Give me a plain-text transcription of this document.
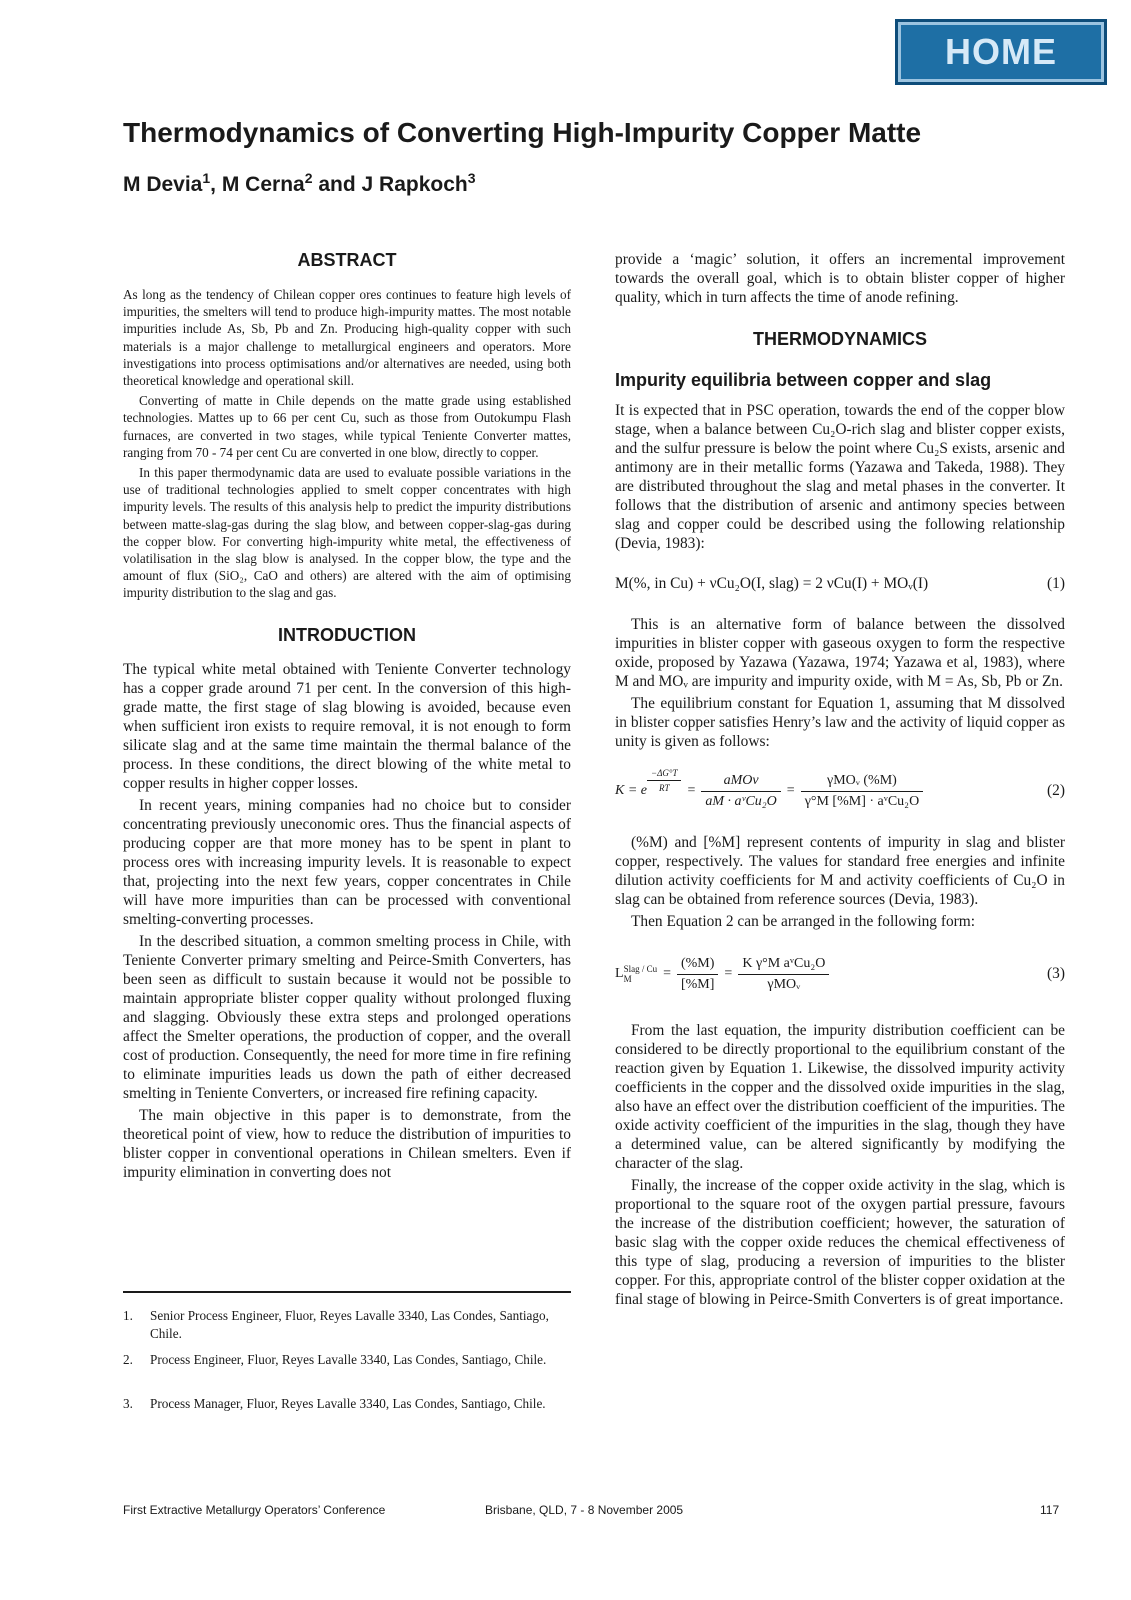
HOME
Thermodynamics of Converting High-Impurity Copper Matte
M Devia$^1$, M Cerna$^2$ and J Rapkoch$^3$
ABSTRACT

As long as the tendency of Chilean copper ores continues to feature high levels of impurities, the smelters will tend to produce high-impurity mattes. The most notable impurities include As, Sb, Pb and Zn. Producing high-quality copper with such materials is a major challenge to metallurgical engineers and operators. More investigations into process optimisations and/or alternatives are needed, using both theoretical knowledge and operational skill.

Converting of matte in Chile depends on the matte grade using established technologies. Mattes up to 66 per cent Cu, such as those from Outokumpu Flash furnaces, are converted in two stages, while typical Teniente Converter mattes, ranging from 70 - 74 per cent Cu are converted in one blow, directly to copper.

In this paper thermodynamic data are used to evaluate possible variations in the use of traditional technologies applied to smelt copper concentrates with high impurity levels. The results of this analysis help to predict the impurity distributions between matte-slag-gas during the slag blow, and between copper-slag-gas during the copper blow. For converting high-impurity white metal, the effectiveness of volatilisation in the slag blow is analysed. In the copper blow, the type and the amount of flux (SiO₂, CaO and others) are altered with the aim of optimising impurity distribution to the slag and gas.

INTRODUCTION

The typical white metal obtained with Teniente Converter technology has a copper grade around 71 per cent. In the conversion of this high-grade matte, the first stage of slag blowing is avoided, because even when sufficient iron exists to require removal, it is not enough to form silicate slag and at the same time maintain the thermal balance of the process. In these conditions, the direct blowing of the white metal to copper results in higher copper losses.

In recent years, mining companies had no choice but to consider concentrating previously uneconomic ores. Thus the financial aspects of producing copper are that more money has to be spent in plant to process ores with increasing impurity levels. It is reasonable to expect that, projecting into the next few years, copper concentrates in Chile will have more impurities than can be processed with conventional smelting-converting processes.

In the described situation, a common smelting process in Chile, with Teniente Converter primary smelting and Peirce-Smith Converters, has been seen as difficult to sustain because it would not be possible to maintain appropriate blister copper quality without prolonged fluxing and slagging. Obviously these extra steps and prolonged operations affect the Smelter operations, the production of copper, and the overall cost of production. Consequently, the need for more time in fire refining to eliminate impurities leads us down the path of either decreased smelting in Teniente Converters, or increased fire refining capacity.

The main objective in this paper is to demonstrate, from the theoretical point of view, how to reduce the distribution of impurities to blister copper in conventional operations in Chilean smelters. Even if impurity elimination in converting does not

1. Senior Process Engineer, Fluor, Reyes Lavalle 3340, Las Condes, Santiago, Chile.
2. Process Engineer, Fluor, Reyes Lavalle 3340, Las Condes, Santiago, Chile.
3. Process Manager, Fluor, Reyes Lavalle 3340, Las Condes, Santiago, Chile.

provide a ‘magic’ solution, it offers an incremental improvement towards the overall goal, which is to obtain blister copper of higher quality, which in turn affects the time of anode refining.

THERMODYNAMICS
Impurity equilibria between copper and slag

It is expected that in PSC operation, towards the end of the copper blow stage, when a balance between Cu₂O-rich slag and blister copper exists, and the sulfur pressure is below the point where Cu₂S exists, arsenic and antimony are in their metallic forms (Yazawa and Takeda, 1988). They are distributed throughout the slag and metal phases in the converter. It follows that the distribution of arsenic and antimony species between slag and copper could be described using the following relationship (Devia, 1983):

M(%, in Cu) + νCu₂O(I, slag) = 2 νCu(I) + MOᵥ(I)	(1)

This is an alternative form of balance between the dissolved impurities in blister copper with gaseous oxygen to form the respective oxide, proposed by Yazawa (Yazawa, 1974; Yazawa et al, 1983), where M and MOᵥ are impurity and impurity oxide, with M = As, Sb, Pb or Zn.

The equilibrium constant for Equation 1, assuming that M dissolved in blister copper satisfies Henry’s law and the activity of liquid copper as unity is given as follows:

K = e $\frac{-\Delta G^\circ T}{RT} = \frac{\text{aMOv}}{\text{aM · aᵛCu₂O}} = \frac{\text{γMOᵥ (\%M)}}{\text{γ°M [\%M] · aᵛCu₂O}}$	(2)

(%M) and [%M] represent contents of impurity in slag and blister copper, respectively. The values for standard free energies and infinite dilution activity coefficients for M and activity coefficients of Cu₂O in slag can be obtained from reference sources (Devia, 1983).

Then Equation 2 can be arranged in the following form:

L Slag / Cu
M	= $\frac{(\%M)}{[\%M]} = \frac{\text{K γ°M aᵛCu₂O}}{\text{γMOᵥ}}$	(3)

From the last equation, the impurity distribution coefficient can be considered to be directly proportional to the equilibrium constant of the reaction given by Equation 1. Likewise, the dissolved impurity activity coefficients in the copper and the dissolved oxide impurities in the slag, also have an effect over the distribution coefficient of the impurities. The oxide activity coefficient of the impurities in the slag, though they have a determined value, can be altered significantly by modifying the character of the slag.

Finally, the increase of the copper oxide activity in the slag, which is proportional to the square root of the oxygen partial pressure, favours the increase of the distribution coefficient; however, the saturation of basic slag with the copper oxide reduces the chemical effectiveness of this type of slag, producing a reversion of impurities to the blister copper. For this, appropriate control of the blister copper oxidation at the final stage of blowing in Peirce-Smith Converters is of great importance.

First Extractive Metallurgy Operators’ Conference	Brisbane, QLD, 7 - 8 November 2005	117
